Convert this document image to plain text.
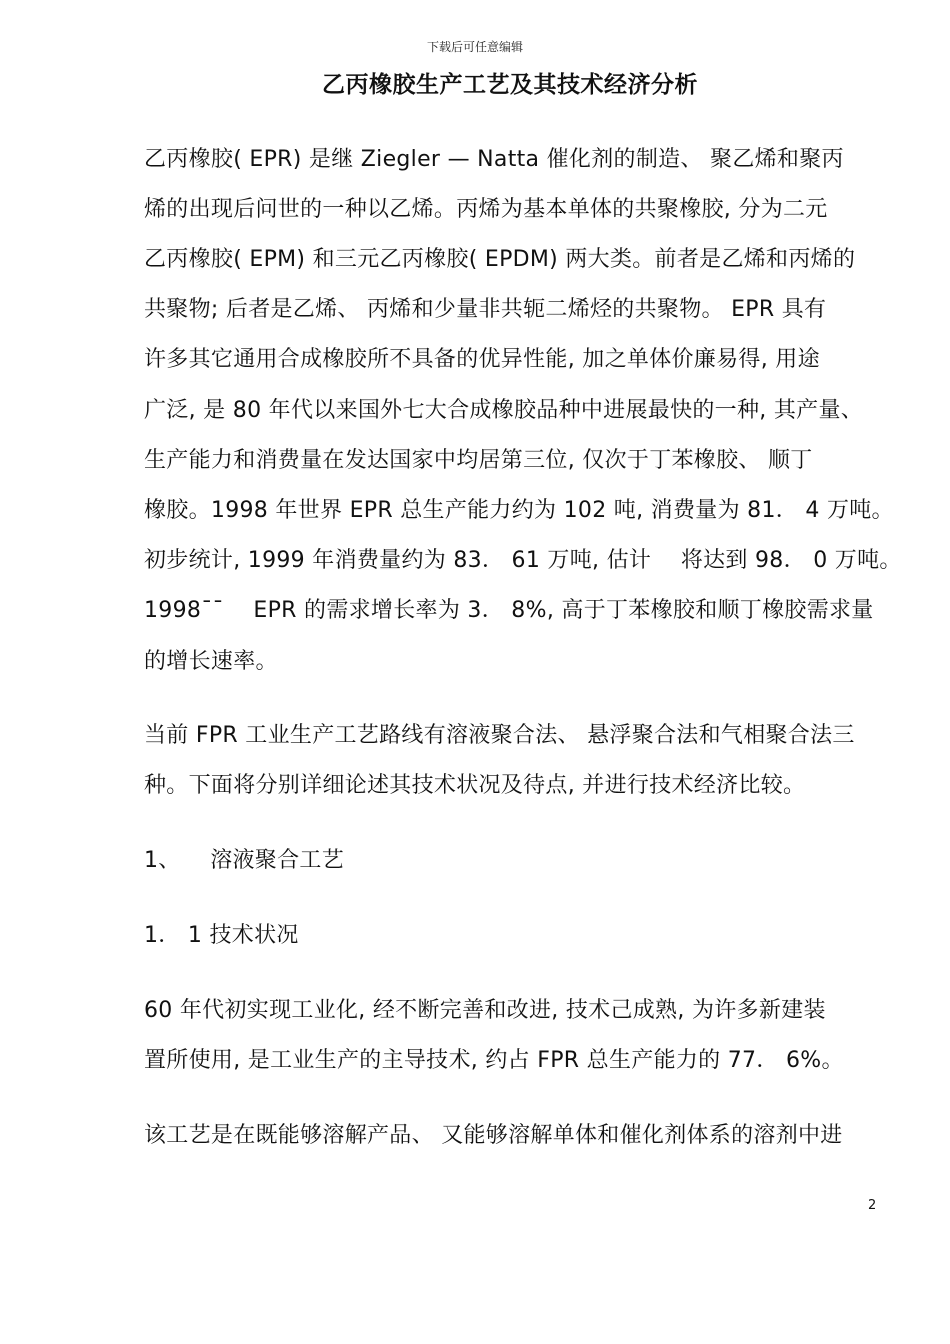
下载后可任意编辑
乙丙橡胶生产工艺及其技术经济分析
乙丙橡胶( EPR) 是继 Ziegler — Natta 催化剂的制造、 聚乙烯和聚丙
烯的出现后问世的一种以乙烯。丙烯为基本单体的共聚橡胶, 分为二元
乙丙橡胶( EPM) 和三元乙丙橡胶( EPDM) 两大类。前者是乙烯和丙烯的
共聚物; 后者是乙烯、 丙烯和少量非共轭二烯烃的共聚物。 EPR 具有
许多其它通用合成橡胶所不具备的优异性能, 加之单体价廉易得, 用途
广泛, 是 80 年代以来国外七大合成橡胶品种中进展最快的一种, 其产量、
生产能力和消费量在发达国家中均居第三位, 仅次于丁苯橡胶、 顺丁
橡胶。1998 年世界 EPR 总生产能力约为 102 吨, 消费量为 81． 4 万吨。
初步统计, 1999 年消费量约为 83． 61 万吨, 估计 　将达到 98． 0 万吨。
1998¯¯ 　EPR 的需求增长率为 3． 8%, 高于丁苯橡胶和顺丁橡胶需求量
的增长速率。
当前 FPR 工业生产工艺路线有溶液聚合法、 悬浮聚合法和气相聚合法三
种。下面将分别详细论述其技术状况及待点, 并进行技术经济比较。
1、 　溶液聚合工艺
1． 1 技术状况
60 年代初实现工业化, 经不断完善和改进, 技术己成熟, 为许多新建装
置所使用, 是工业生产的主导技术, 约占 FPR 总生产能力的 77． 6%。
该工艺是在既能够溶解产品、 又能够溶解单体和催化剂体系的溶剂中进
2
